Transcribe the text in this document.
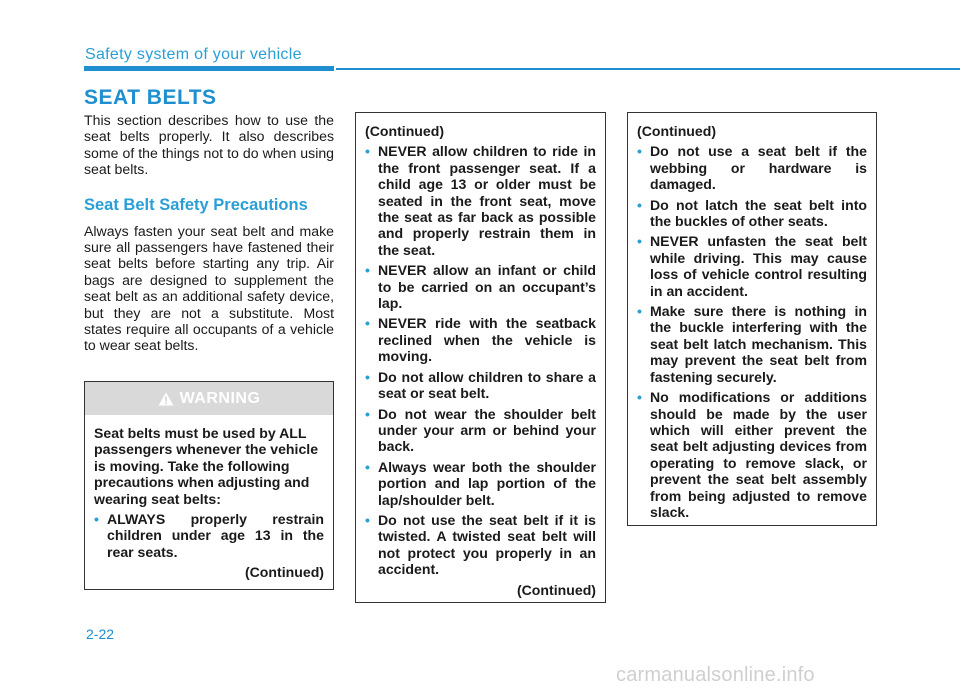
Safety system of your vehicle
SEAT BELTS

This section describes how to use the seat belts properly. It also describes some of the things not to do when using seat belts.

Seat Belt Safety Precautions

Always fasten your seat belt and make sure all passengers have fastened their seat belts before starting any trip. Air bags are designed to supplement the seat belt as an additional safety device, but they are not a substitute. Most states require all occupants of a vehicle to wear seat belts.

WARNING

Seat belts must be used by ALL passengers whenever the vehicle is moving. Take the following precautions when adjusting and wearing seat belts:

• ALWAYS properly restrain children under age 13 in the rear seats.

(Continued)

(Continued)

• NEVER allow children to ride in the front passenger seat. If a child age 13 or older must be seated in the front seat, move the seat as far back as possible and properly restrain them in the seat.
• NEVER allow an infant or child to be carried on an occupant’s lap.
• NEVER ride with the seatback reclined when the vehicle is moving.
• Do not allow children to share a seat or seat belt.
• Do not wear the shoulder belt under your arm or behind your back.
• Always wear both the shoulder portion and lap portion of the lap/shoulder belt.
• Do not use the seat belt if it is twisted. A twisted seat belt will not protect you properly in an accident.

(Continued)

(Continued)

• Do not use a seat belt if the webbing or hardware is damaged.
• Do not latch the seat belt into the buckles of other seats.
• NEVER unfasten the seat belt while driving. This may cause loss of vehicle control resulting in an accident.
• Make sure there is nothing in the buckle interfering with the seat belt latch mechanism. This may prevent the seat belt from fastening securely.
• No modifications or additions should be made by the user which will either prevent the seat belt adjusting devices from operating to remove slack, or prevent the seat belt assembly from being adjusted to remove slack.
2-22
carmanualsonline.info
